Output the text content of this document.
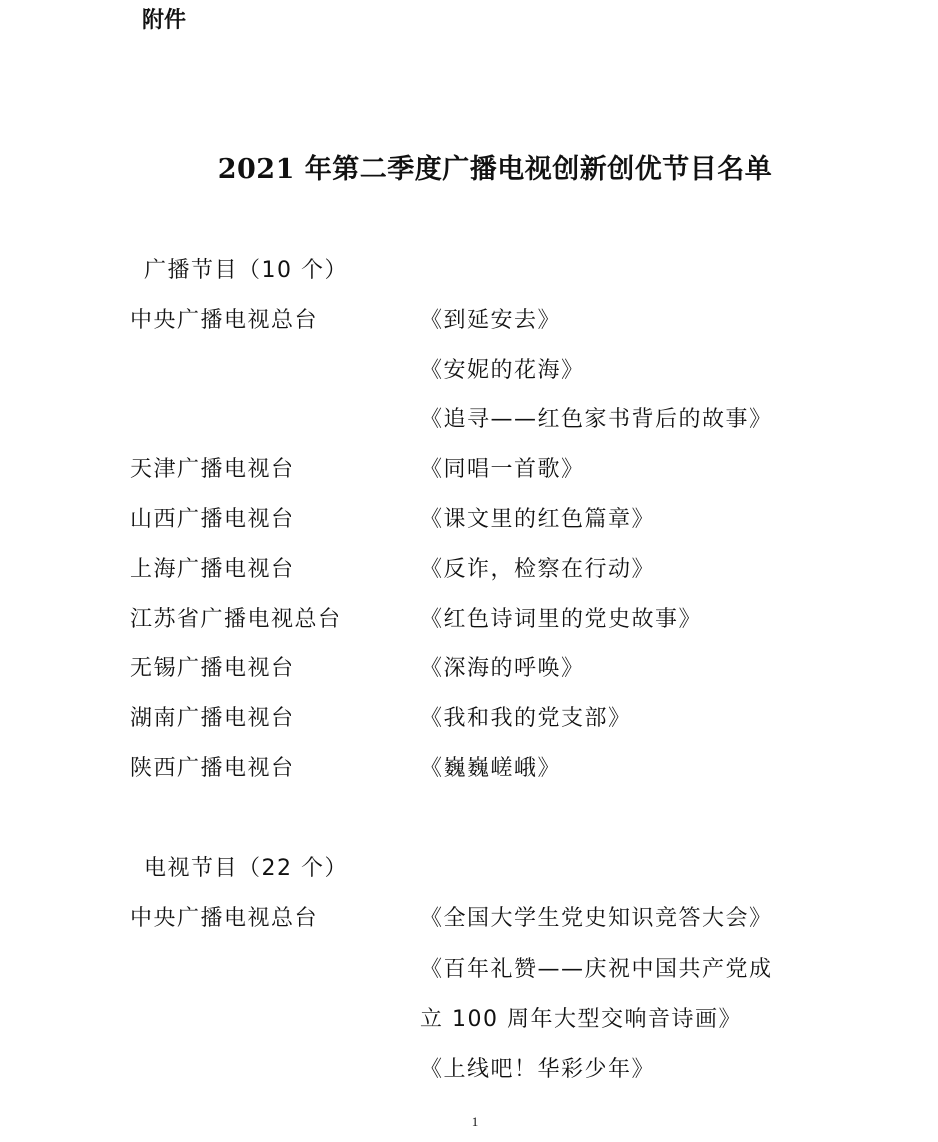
附件
2021 年第二季度广播电视创新创优节目名单
广播节目（10 个）
中央广播电视总台	《到延安去》
《安妮的花海》
《追寻——红色家书背后的故事》
天津广播电视台	《同唱一首歌》
山西广播电视台	《课文里的红色篇章》
上海广播电视台	《反诈，检察在行动》
江苏省广播电视总台	《红色诗词里的党史故事》
无锡广播电视台	《深海的呼唤》
湖南广播电视台	《我和我的党支部》
陕西广播电视台	《巍巍嵯峨》
电视节目（22 个）
中央广播电视总台	《全国大学生党史知识竞答大会》
《百年礼赞——庆祝中国共产党成
立 100 周年大型交响音诗画》
《上线吧！华彩少年》
1
